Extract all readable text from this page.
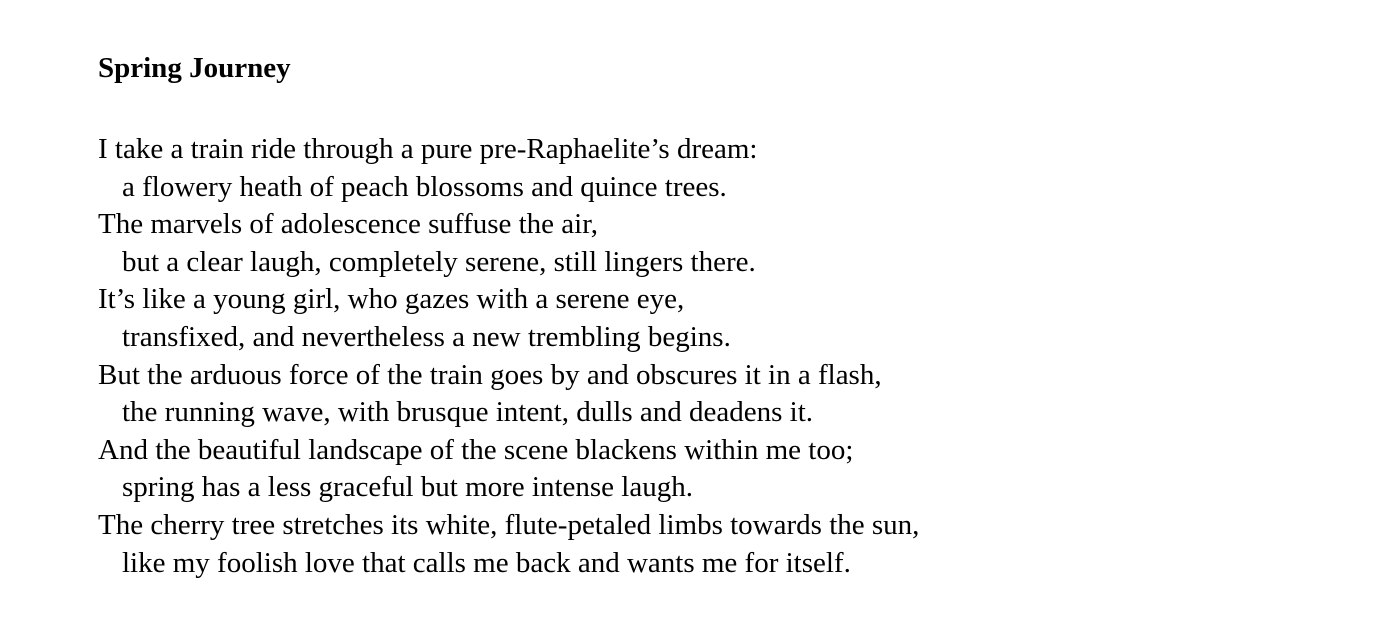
Spring Journey

I take a train ride through a pure pre-Raphaelite’s dream:

a flowery heath of peach blossoms and quince trees.

The marvels of adolescence suffuse the air,

but a clear laugh, completely serene, still lingers there.

It’s like a young girl, who gazes with a serene eye,

transfixed, and nevertheless a new trembling begins.

But the arduous force of the train goes by and obscures it in a flash,

the running wave, with brusque intent, dulls and deadens it.

And the beautiful landscape of the scene blackens within me too;

spring has a less graceful but more intense laugh.

The cherry tree stretches its white, flute-petaled limbs towards the sun,

like my foolish love that calls me back and wants me for itself.
